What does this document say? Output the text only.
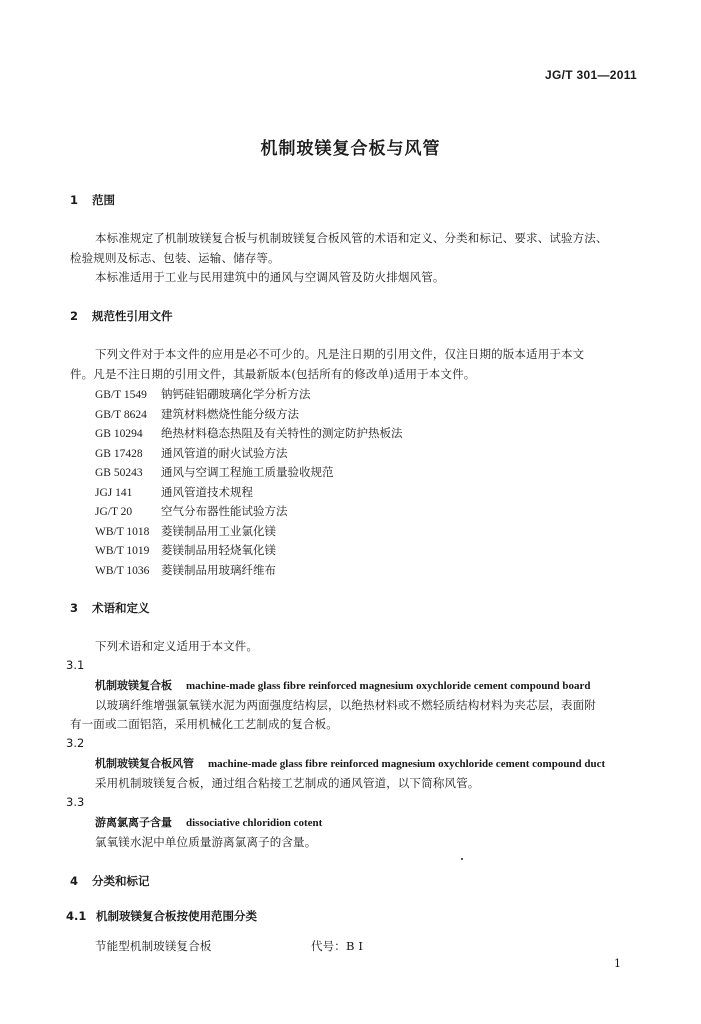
JG/T 301—2011
机制玻镁复合板与风管
1 范围
本标准规定了机制玻镁复合板与机制玻镁复合板风管的术语和定义、分类和标记、要求、试验方法、
检验规则及标志、包装、运输、储存等。
本标准适用于工业与民用建筑中的通风与空调风管及防火排烟风管。
2 规范性引用文件
下列文件对于本文件的应用是必不可少的。凡是注日期的引用文件，仅注日期的版本适用于本文
件。凡是不注日期的引用文件，其最新版本(包括所有的修改单)适用于本文件。
GB/T 1549 钠钙硅铝硼玻璃化学分析方法
GB/T 8624 建筑材料燃烧性能分级方法
GB 10294 绝热材料稳态热阻及有关特性的测定防护热板法
GB 17428 通风管道的耐火试验方法
GB 50243 通风与空调工程施工质量验收规范
JGJ 141 通风管道技术规程
JG/T 20	空气分布器性能试验方法
WB/T 1018 菱镁制品用工业氯化镁
WB/T 1019 菱镁制品用轻烧氧化镁
WB/T 1036 菱镁制品用玻璃纤维布
3 术语和定义
下列术语和定义适用于本文件。
3.1
机制玻镁复合板 machine-made glass fibre reinforced magnesium oxychloride cement compound board
以玻璃纤维增强氯氧镁水泥为两面强度结构层，以绝热材料或不燃轻质结构材料为夹芯层，表面附
有一面或二面铝箔，采用机械化工艺制成的复合板。
3.2
机制玻镁复合板风管 machine-made glass fibre reinforced magnesium oxychloride cement compound duct
采用机制玻镁复合板，通过组合粘接工艺制成的通风管道，以下简称风管。
3.3
游离氯离子含量 dissociative chloridion cotent
氯氧镁水泥中单位质量游离氯离子的含量。
4 分类和标记
4.1 机制玻镁复合板按使用范围分类
节能型机制玻镁复合板	代号：B I
1
